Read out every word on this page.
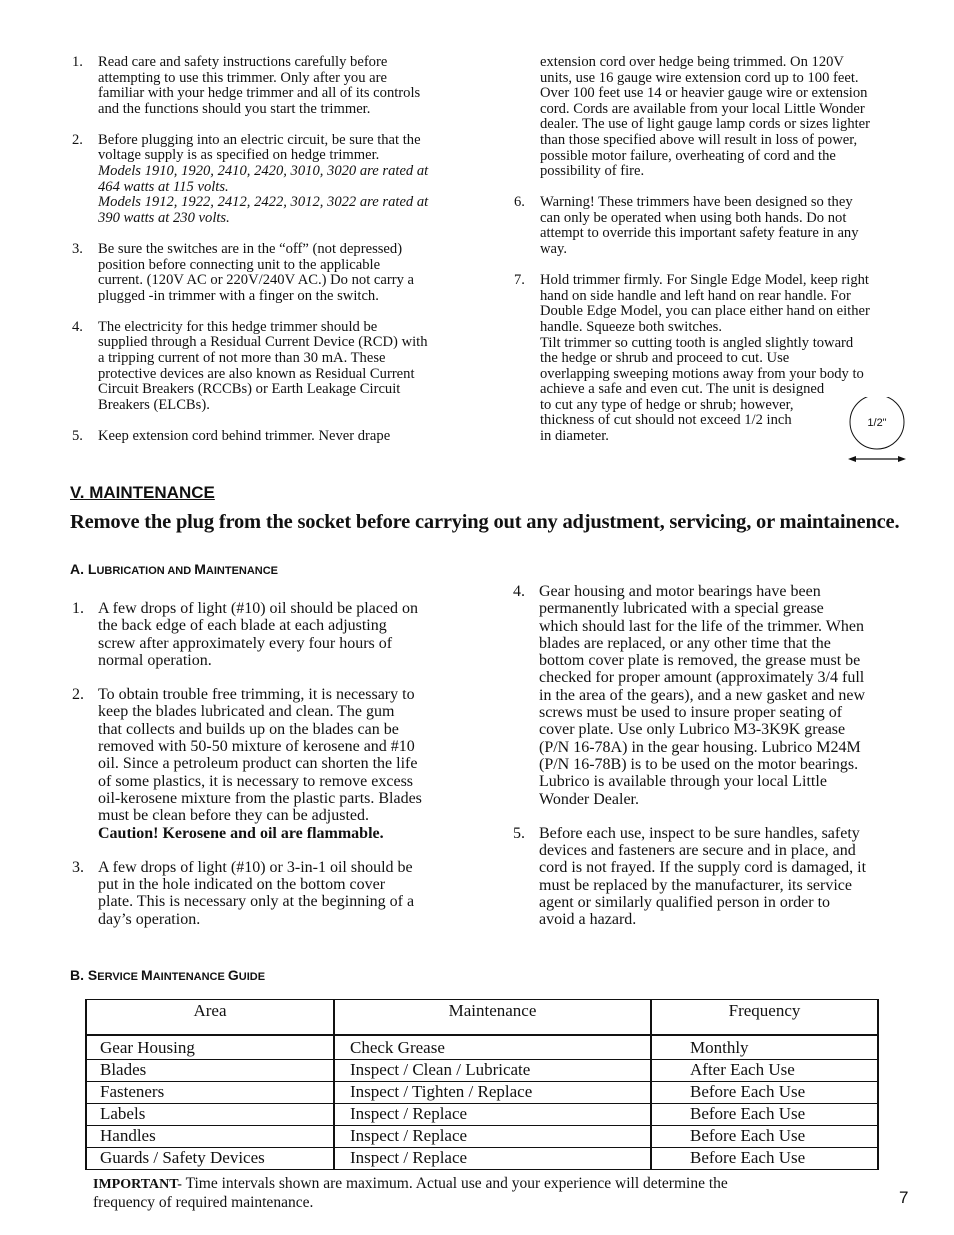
1. Read care and safety instructions carefully before
attempting to use this trimmer. Only after you are
familiar with your hedge trimmer and all of its controls
and the functions should you start the trimmer.
2. Before plugging into an electric circuit, be sure that the
voltage supply is as specified on hedge trimmer.
Models 1910, 1920, 2410, 2420, 3010, 3020 are rated at
464 watts at 115 volts.
Models 1912, 1922, 2412, 2422, 3012, 3022 are rated at
390 watts at 230 volts.
3. Be sure the switches are in the “off” (not depressed)
position before connecting unit to the applicable
current. (120V AC or 220V/240V AC.) Do not carry a
plugged -in trimmer with a finger on the switch.
4. The electricity for this hedge trimmer should be
supplied through a Residual Current Device (RCD) with
a tripping current of not more than 30 mA. These
protective devices are also known as Residual Current
Circuit Breakers (RCCBs) or Earth Leakage Circuit
Breakers (ELCBs).
5. Keep extension cord behind trimmer. Never drape
extension cord over hedge being trimmed. On 120V
units, use 16 gauge wire extension cord up to 100 feet.
Over 100 feet use 14 or heavier gauge wire or extension
cord. Cords are available from your local Little Wonder
dealer. The use of light gauge lamp cords or sizes lighter
than those specified above will result in loss of power,
possible motor failure, overheating of cord and the
possibility of fire.
6. Warning! These trimmers have been designed so they
can only be operated when using both hands. Do not
attempt to override this important safety feature in any
way.
7. Hold trimmer firmly. For Single Edge Model, keep right
hand on side handle and left hand on rear handle. For
Double Edge Model, you can place either hand on either
handle. Squeeze both switches.
Tilt trimmer so cutting tooth is angled slightly toward
the hedge or shrub and proceed to cut. Use
overlapping sweeping motions away from your body to
achieve a safe and even cut. The unit is designed
to cut any type of hedge or shrub; however,
thickness of cut should not exceed 1/2 inch
in diameter.
1/2"
V. MAINTENANCE
Remove the plug from the socket before carrying out any adjustment, servicing, or maintainence.
A. LUBRICATION AND MAINTENANCE
1. A few drops of light (#10) oil should be placed on
the back edge of each blade at each adjusting
screw after approximately every four hours of
normal operation.
2. To obtain trouble free trimming, it is necessary to
keep the blades lubricated and clean. The gum
that collects and builds up on the blades can be
removed with 50-50 mixture of kerosene and #10
oil. Since a petroleum product can shorten the life
of some plastics, it is necessary to remove excess
oil-kerosene mixture from the plastic parts. Blades
must be clean before they can be adjusted.
Caution! Kerosene and oil are flammable.
3. A few drops of light (#10) or 3-in-1 oil should be
put in the hole indicated on the bottom cover
plate. This is necessary only at the beginning of a
day’s operation.
4. Gear housing and motor bearings have been
permanently lubricated with a special grease
which should last for the life of the trimmer. When
blades are replaced, or any other time that the
bottom cover plate is removed, the grease must be
checked for proper amount (approximately 3/4 full
in the area of the gears), and a new gasket and new
screws must be used to insure proper seating of
cover plate. Use only Lubrico M3-3K9K grease
(P/N 16-78A) in the gear housing. Lubrico M24M
(P/N 16-78B) is to be used on the motor bearings.
Lubrico is available through your local Little
Wonder Dealer.
5. Before each use, inspect to be sure handles, safety
devices and fasteners are secure and in place, and
cord is not frayed. If the supply cord is damaged, it
must be replaced by the manufacturer, its service
agent or similarly qualified person in order to
avoid a hazard.
B. SERVICE MAINTENANCE GUIDE
Area	Maintenance	Frequency
Gear Housing	Check Grease	Monthly
Blades	Inspect / Clean / Lubricate	After Each Use
Fasteners	Inspect / Tighten / Replace	Before Each Use
Labels	Inspect / Replace	Before Each Use
Handles	Inspect / Replace	Before Each Use
Guards / Safety Devices	Inspect / Replace	Before Each Use
IMPORTANT- Time intervals shown are maximum. Actual use and your experience will determine the
frequency of required maintenance.	7
